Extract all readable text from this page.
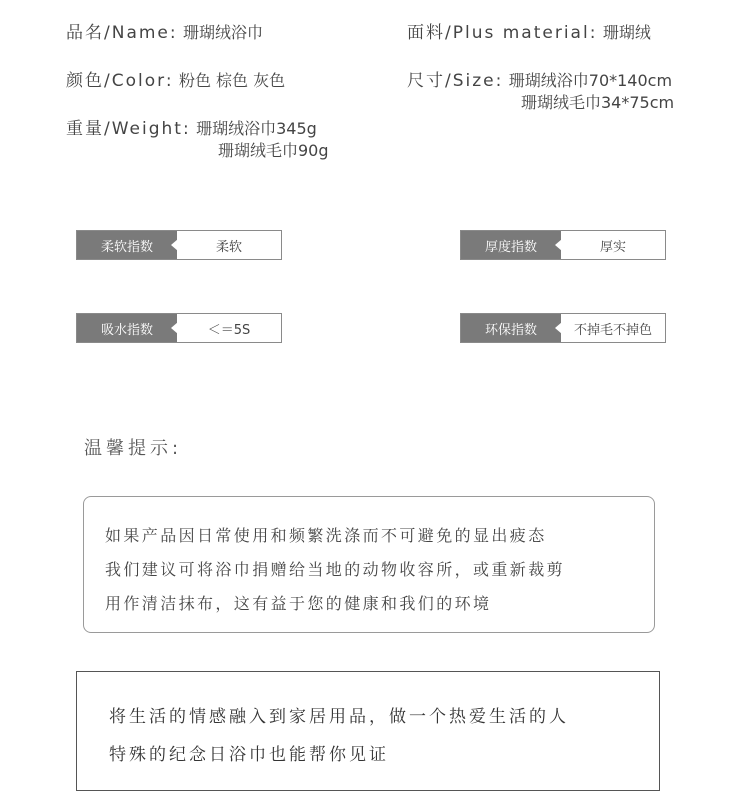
品名/Name: 珊瑚绒浴巾	面料/Plus material: 珊瑚绒
颜色/Color: 粉色 棕色 灰色	尺寸/Size: 珊瑚绒浴巾70*140cm
珊瑚绒毛巾34*75cm
重量/Weight: 珊瑚绒浴巾345g
珊瑚绒毛巾90g
柔软指数	柔软	厚度指数	厚实
吸水指数	＜＝5S	环保指数	不掉毛不掉色
温馨提示:
如果产品因日常使用和频繁洗涤而不可避免的显出疲态
我们建议可将浴巾捐赠给当地的动物收容所，或重新裁剪
用作清洁抹布，这有益于您的健康和我们的环境
将生活的情感融入到家居用品，做一个热爱生活的人
特殊的纪念日浴巾也能帮你见证
